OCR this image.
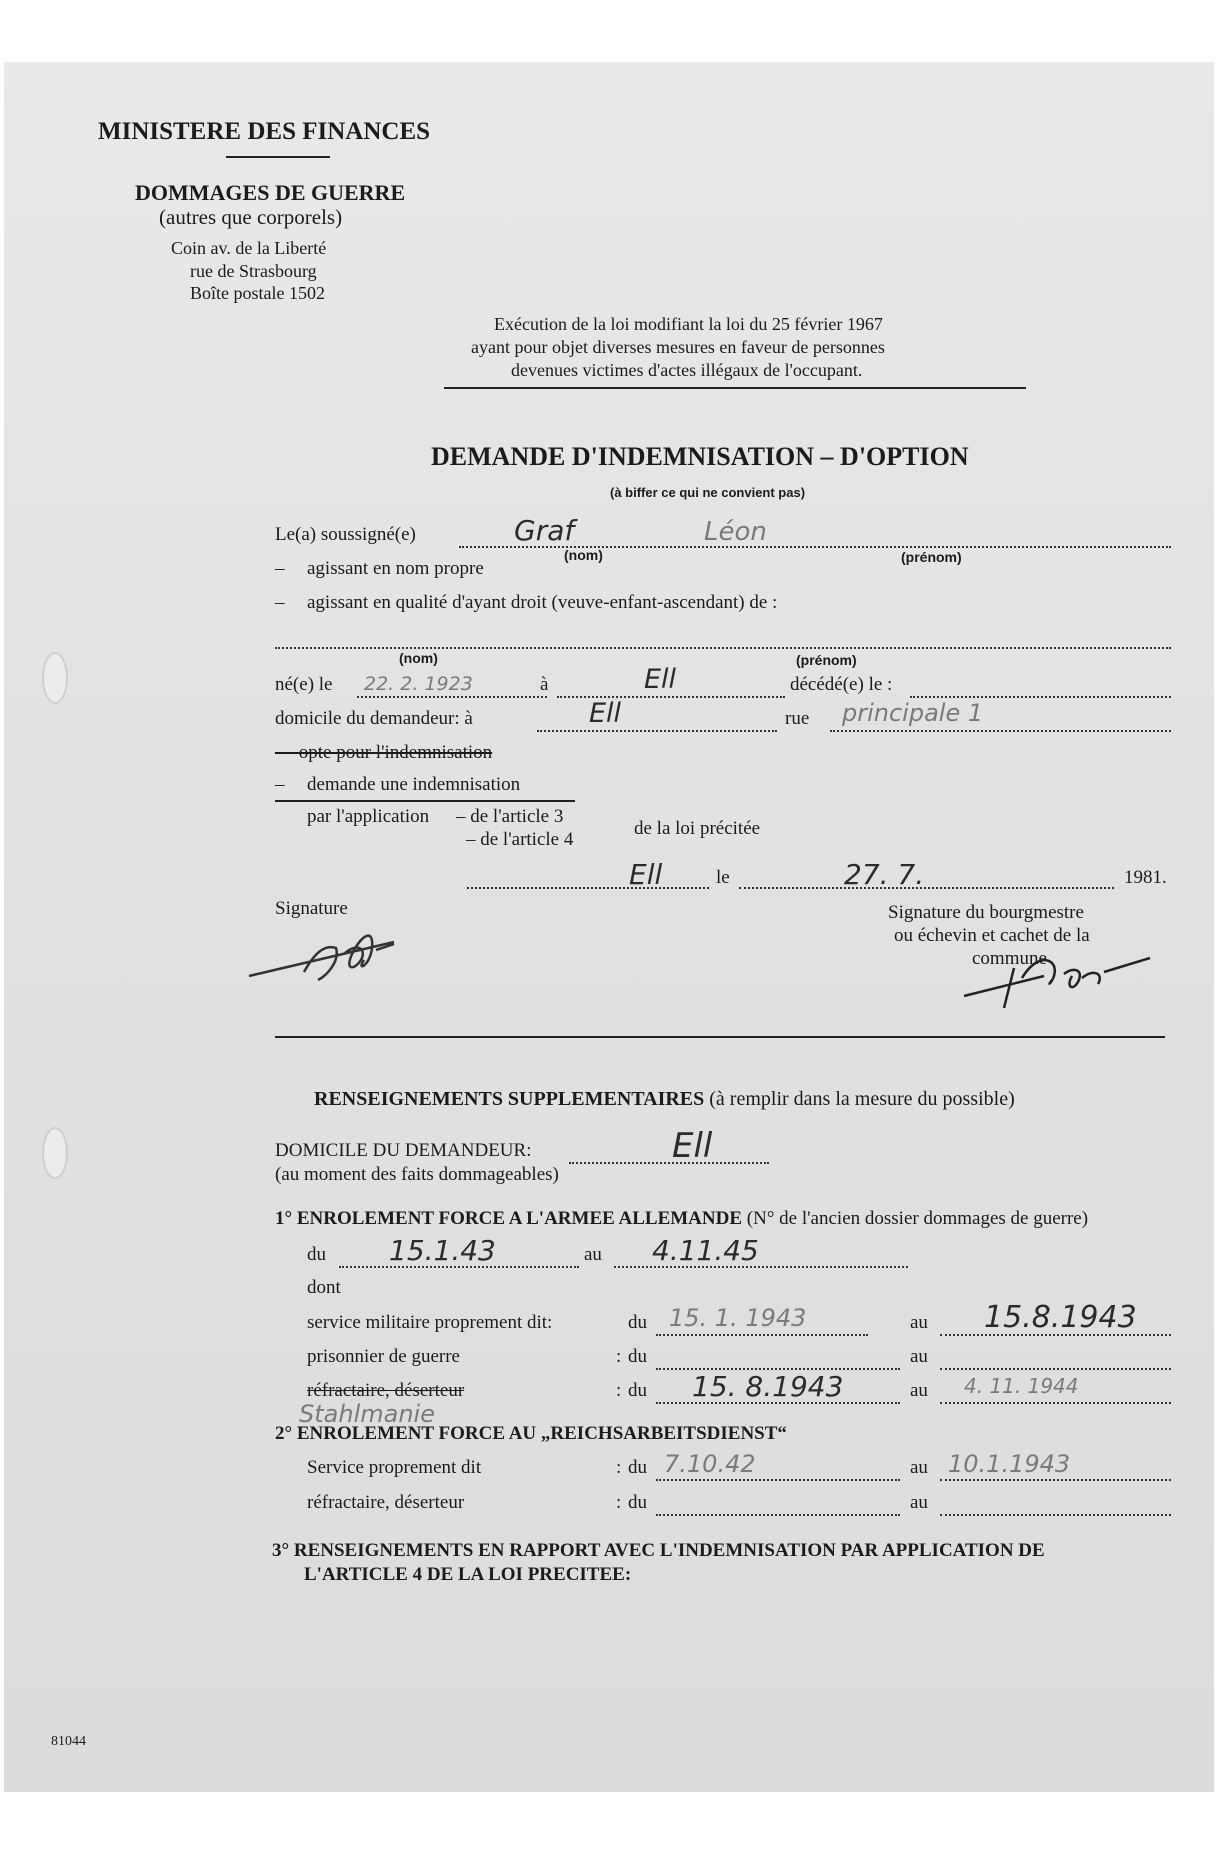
MINISTERE DES FINANCES
DOMMAGES DE GUERRE
(autres que corporels)
Coin av. de la Liberté
rue de Strasbourg
Boîte postale 1502
Exécution de la loi modifiant la loi du 25 février 1967
ayant pour objet diverses mesures en faveur de personnes
devenues victimes d'actes illégaux de l'occupant.
DEMANDE D'INDEMNISATION – D'OPTION
(à biffer ce qui ne convient pas)
Le(a) soussigné(e)	Graf	Léon
(nom)	(prénom)
– agissant en nom propre
– agissant en qualité d'ayant droit (veuve-enfant-ascendant) de :
(nom)	(prénom)
né(e) le 22. 2. 1923	à	Ell	décédé(e) le :
domicile du demandeur: à	Ell	rue principale 1
–   opte pour l'indemnisation
– demande une indemnisation
par l'application – de l'article 3
– de l'article 4
de la loi précitée
Ell	le	27. 7.	1981.
Signature	Signature du bourgmestre
ou échevin et cachet de la
commune
RENSEIGNEMENTS SUPPLEMENTAIRES (à remplir dans la mesure du possible)
DOMICILE DU DEMANDEUR:	Ell
(au moment des faits dommageables)
1° ENROLEMENT FORCE A L'ARMEE ALLEMANDE (N° de l'ancien dossier dommages de guerre)
du 15.1.43	au 4.11.45
dont
service militaire proprement dit:	du 15. 1. 1943	au 15.8.1943
prisonnier de guerre	: du	au
réfractaire, déserteur	: du 15. 8.1943	au 4. 11. 1944
Stahlmanie
2° ENROLEMENT FORCE AU „REICHSARBEITSDIENST“
Service proprement dit	: du 7.10.42	au 10.1.1943
réfractaire, déserteur	: du	au
3° RENSEIGNEMENTS EN RAPPORT AVEC L'INDEMNISATION PAR APPLICATION DE
L'ARTICLE 4 DE LA LOI PRECITEE:
81044
